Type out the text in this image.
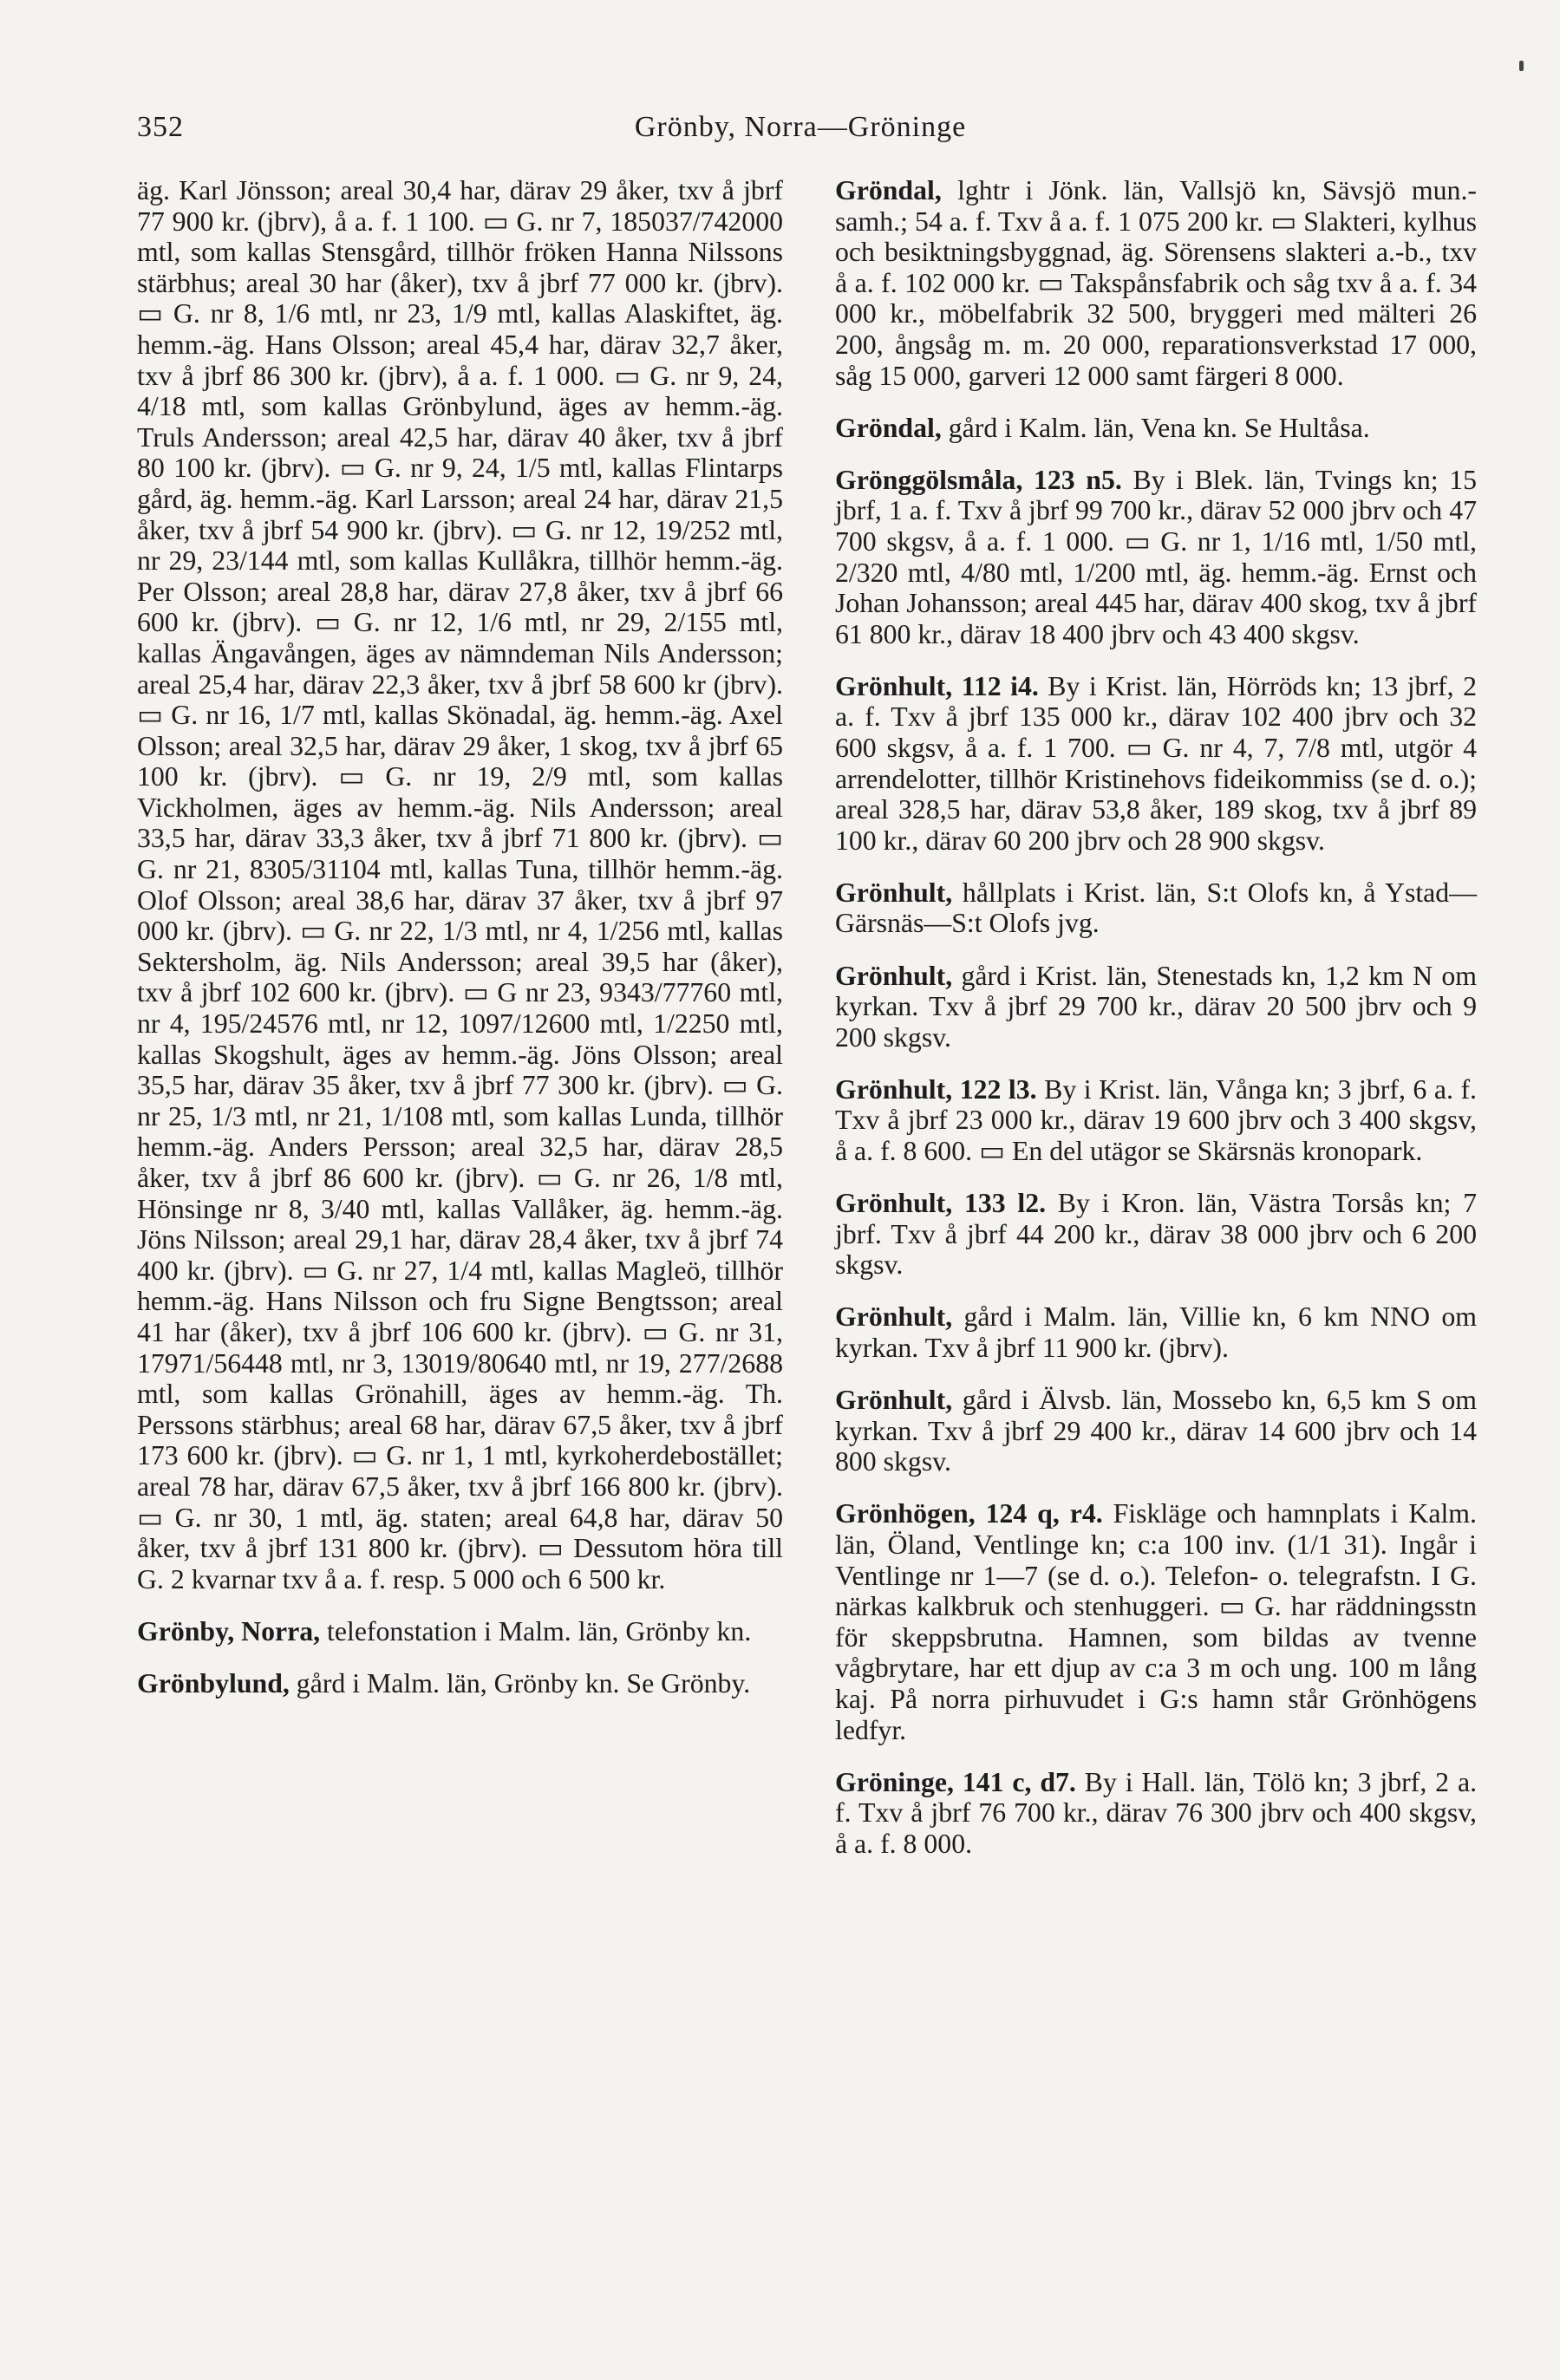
352	Grönby, Norra—Gröninge

äg. Karl Jönsson; areal 30,4 har, därav 29 åker, txv å jbrf 77 900 kr. (jbrv), å a. f. 1 100. ▭ G. nr 7, 185037/742000 mtl, som kallas Stensgård, tillhör fröken Hanna Nilssons stärbhus; areal 30 har (åker), txv å jbrf 77 000 kr. (jbrv). ▭ G. nr 8, 1/6 mtl, nr 23, 1/9 mtl, kallas Alaskiftet, äg. hemm.-äg. Hans Olsson; areal 45,4 har, därav 32,7 åker, txv å jbrf 86 300 kr. (jbrv), å a. f. 1 000. ▭ G. nr 9, 24, 4/18 mtl, som kallas Grönbylund, äges av hemm.-äg. Truls Andersson; areal 42,5 har, därav 40 åker, txv å jbrf 80 100 kr. (jbrv). ▭ G. nr 9, 24, 1/5 mtl, kallas Flintarps gård, äg. hemm.-äg. Karl Larsson; areal 24 har, därav 21,5 åker, txv å jbrf 54 900 kr. (jbrv). ▭ G. nr 12, 19/252 mtl, nr 29, 23/144 mtl, som kallas Kullåkra, tillhör hemm.-äg. Per Olsson; areal 28,8 har, därav 27,8 åker, txv å jbrf 66 600 kr. (jbrv). ▭ G. nr 12, 1/6 mtl, nr 29, 2/155 mtl, kallas Ängavången, äges av nämndeman Nils Andersson; areal 25,4 har, därav 22,3 åker, txv å jbrf 58 600 kr (jbrv). ▭ G. nr 16, 1/7 mtl, kallas Skönadal, äg. hemm.-äg. Axel Olsson; areal 32,5 har, därav 29 åker, 1 skog, txv å jbrf 65 100 kr. (jbrv). ▭ G. nr 19, 2/9 mtl, som kallas Vickholmen, äges av hemm.-äg. Nils Andersson; areal 33,5 har, därav 33,3 åker, txv å jbrf 71 800 kr. (jbrv). ▭ G. nr 21, 8305/31104 mtl, kallas Tuna, tillhör hemm.-äg. Olof Olsson; areal 38,6 har, därav 37 åker, txv å jbrf 97 000 kr. (jbrv). ▭ G. nr 22, 1/3 mtl, nr 4, 1/256 mtl, kallas Sektersholm, äg. Nils Andersson; areal 39,5 har (åker), txv å jbrf 102 600 kr. (jbrv). ▭ G nr 23, 9343/77760 mtl, nr 4, 195/24576 mtl, nr 12, 1097/12600 mtl, 1/2250 mtl, kallas Skogshult, äges av hemm.-äg. Jöns Olsson; areal 35,5 har, därav 35 åker, txv å jbrf 77 300 kr. (jbrv). ▭ G. nr 25, 1/3 mtl, nr 21, 1/108 mtl, som kallas Lunda, tillhör hemm.-äg. Anders Persson; areal 32,5 har, därav 28,5 åker, txv å jbrf 86 600 kr. (jbrv). ▭ G. nr 26, 1/8 mtl, Hönsinge nr 8, 3/40 mtl, kallas Vallåker, äg. hemm.-äg. Jöns Nilsson; areal 29,1 har, därav 28,4 åker, txv å jbrf 74 400 kr. (jbrv). ▭ G. nr 27, 1/4 mtl, kallas Magleö, tillhör hemm.-äg. Hans Nilsson och fru Signe Bengtsson; areal 41 har (åker), txv å jbrf 106 600 kr. (jbrv). ▭ G. nr 31, 17971/56448 mtl, nr 3, 13019/80640 mtl, nr 19, 277/2688 mtl, som kallas Grönahill, äges av hemm.-äg. Th. Perssons stärbhus; areal 68 har, därav 67,5 åker, txv å jbrf 173 600 kr. (jbrv). ▭ G. nr 1, 1 mtl, kyrkoherdebostället; areal 78 har, därav 67,5 åker, txv å jbrf 166 800 kr. (jbrv). ▭ G. nr 30, 1 mtl, äg. staten; areal 64,8 har, därav 50 åker, txv å jbrf 131 800 kr. (jbrv). ▭ Dessutom höra till G. 2 kvarnar txv å a. f. resp. 5 000 och 6 500 kr.

Grönby, Norra, telefonstation i Malm. län, Grönby kn.

Grönbylund, gård i Malm. län, Grönby kn. Se Grönby.

Gröndal, lghtr i Jönk. län, Vallsjö kn, Sävsjö mun.-samh.; 54 a. f. Txv å a. f. 1 075 200 kr. ▭ Slakteri, kylhus och besiktningsbyggnad, äg. Sörensens slakteri a.-b., txv å a. f. 102 000 kr. ▭ Takspånsfabrik och såg txv å a. f. 34 000 kr., möbelfabrik 32 500, bryggeri med mälteri 26 200, ångsåg m. m. 20 000, reparationsverkstad 17 000, såg 15 000, garveri 12 000 samt färgeri 8 000.

Gröndal, gård i Kalm. län, Vena kn. Se Hultåsa.

Grönggölsmåla, 123 n5. By i Blek. län, Tvings kn; 15 jbrf, 1 a. f. Txv å jbrf 99 700 kr., därav 52 000 jbrv och 47 700 skgsv, å a. f. 1 000. ▭ G. nr 1, 1/16 mtl, 1/50 mtl, 2/320 mtl, 4/80 mtl, 1/200 mtl, äg. hemm.-äg. Ernst och Johan Johansson; areal 445 har, därav 400 skog, txv å jbrf 61 800 kr., därav 18 400 jbrv och 43 400 skgsv.

Grönhult, 112 i4. By i Krist. län, Hörröds kn; 13 jbrf, 2 a. f. Txv å jbrf 135 000 kr., därav 102 400 jbrv och 32 600 skgsv, å a. f. 1 700. ▭ G. nr 4, 7, 7/8 mtl, utgör 4 arrendelotter, tillhör Kristinehovs fideikommiss (se d. o.); areal 328,5 har, därav 53,8 åker, 189 skog, txv å jbrf 89 100 kr., därav 60 200 jbrv och 28 900 skgsv.

Grönhult, hållplats i Krist. län, S:t Olofs kn, å Ystad—Gärsnäs—S:t Olofs jvg.

Grönhult, gård i Krist. län, Stenestads kn, 1,2 km N om kyrkan. Txv å jbrf 29 700 kr., därav 20 500 jbrv och 9 200 skgsv.

Grönhult, 122 l3. By i Krist. län, Vånga kn; 3 jbrf, 6 a. f. Txv å jbrf 23 000 kr., därav 19 600 jbrv och 3 400 skgsv, å a. f. 8 600. ▭ En del utägor se Skärsnäs kronopark.

Grönhult, 133 l2. By i Kron. län, Västra Torsås kn; 7 jbrf. Txv å jbrf 44 200 kr., därav 38 000 jbrv och 6 200 skgsv.

Grönhult, gård i Malm. län, Villie kn, 6 km NNO om kyrkan. Txv å jbrf 11 900 kr. (jbrv).

Grönhult, gård i Älvsb. län, Mossebo kn, 6,5 km S om kyrkan. Txv å jbrf 29 400 kr., därav 14 600 jbrv och 14 800 skgsv.

Grönhögen, 124 q, r4. Fiskläge och hamnplats i Kalm. län, Öland, Ventlinge kn; c:a 100 inv. (1/1 31). Ingår i Ventlinge nr 1—7 (se d. o.). Telefon- o. telegrafstn. I G. närkas kalkbruk och stenhuggeri. ▭ G. har räddningsstn för skeppsbrutna. Hamnen, som bildas av tvenne vågbrytare, har ett djup av c:a 3 m och ung. 100 m lång kaj. På norra pirhuvudet i G:s hamn står Grönhögens ledfyr.

Gröninge, 141 c, d7. By i Hall. län, Tölö kn; 3 jbrf, 2 a. f. Txv å jbrf 76 700 kr., därav 76 300 jbrv och 400 skgsv, å a. f. 8 000.
